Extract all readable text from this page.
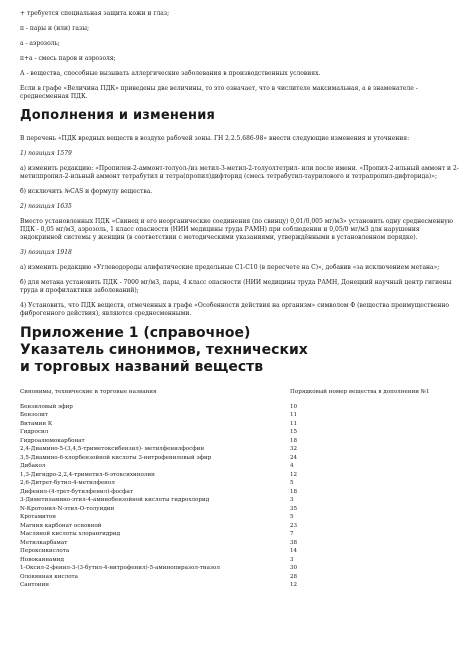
+ требуется специальная защита кожи и глаз;

п - пары и (или) газы;

а - аэрозоль;

п+а - смесь паров и аэрозоля;

А - вещества, способные вызывать аллергические заболевания в производственных условиях.

Если в графе «Величина ПДК» приведены две величины, то это означает, что в числителе максимальная, а в знаменателе - среднесменная ПДК.

Дополнения и изменения

В перечень «ПДК вредных веществ в воздухе рабочей зоны. ГН 2.2.5.686-98» внести следующие изменения и уточнения:

1) позиция 1579

а) изменить редакцию: «Пропилен-2-аммонт-толуол-/из метил-3-метил-2-толуолтетрил- или после имени. «Пропил-2-ильный аммонт и 2-метилпропил-2-ильный аммонт тетрабутил и тетра(пропил)дифторид (смесь тетрабутил-таурилового и тетрапропил-дифторида)»;

б) исключить №CAS и формулу вещества.

2) позиция 1635

Вместо установленных ПДК «Свинец и его неорганические соединения (по свинцу) 0,01/0,005 мг/м3» установить одну среднесменную ПДК - 0,05 мг/м3, аэрозоль, 1 класс опасности (НИИ медицины труда РАМН) при соблюдении и 0,05/0 мг/м3 для нарушения эндокринной системы у женщин (в соответствии с методическими указаниями, утверждёнными в установленном порядке).

3) позиция 1918

а) изменить редакцию «Углеводороды алифатические предельные С1-С10 (в пересчете на С)», добавив «за исключением метана»;

б) для метана установить ПДК - 7000 мг/м3, пары, 4 класс опасности (НИИ медицины труда РАМН, Донецкий научный центр гигиены труда и профилактики заболеваний);

4) Установить, что ПДК веществ, отмеченных в графе «Особенности действия на организм» символом Ф (вещества преимущественно фиброгенного действия), являются среднесменными.

Приложение 1 (справочное)
Указатель синонимов, технических
и торговых названий веществ
Синонимы, технические и торговые названия	Порядковый номер вещества в дополнении №1
Бензиловый эфир	10
Бензолит	11
Витамин К	11
Гидросил	15
Гидроалюмокарбонат	18
2,4-Диамино-5-(3,4,5-триметоксибензил)- метилфенилфосфин	32
3,5-Диамино-6-хлорбензойной кислоты 3-нитрофениловый эфир	24
Дибакол	4
1,3-Дигидро-2,2,4-триметил-6-этоксихинолин	12
2,6-Дитрет-бутил-4-метилфенол	5
Дифенил-(4-трет-бутилфенил)-фосфат	18
3-Диметиламино-этил-4-аминобензойной кислоты гидрохлорид	3
N-Кротонил-N-этил-O-толуидин	35
Кротамитон	5
Магния карбонат основной	23
Масляной кислоты хлорангидрид	7
Метилкарбамат	38
Пероксикислота	14
Новокаинамид	3
1-Оксил-2-фенил-3-(3-бутил-4-нитрофенил)-5-аминопиразол-тиазол	30
Оловянная кислота	28
Сантонин	12
